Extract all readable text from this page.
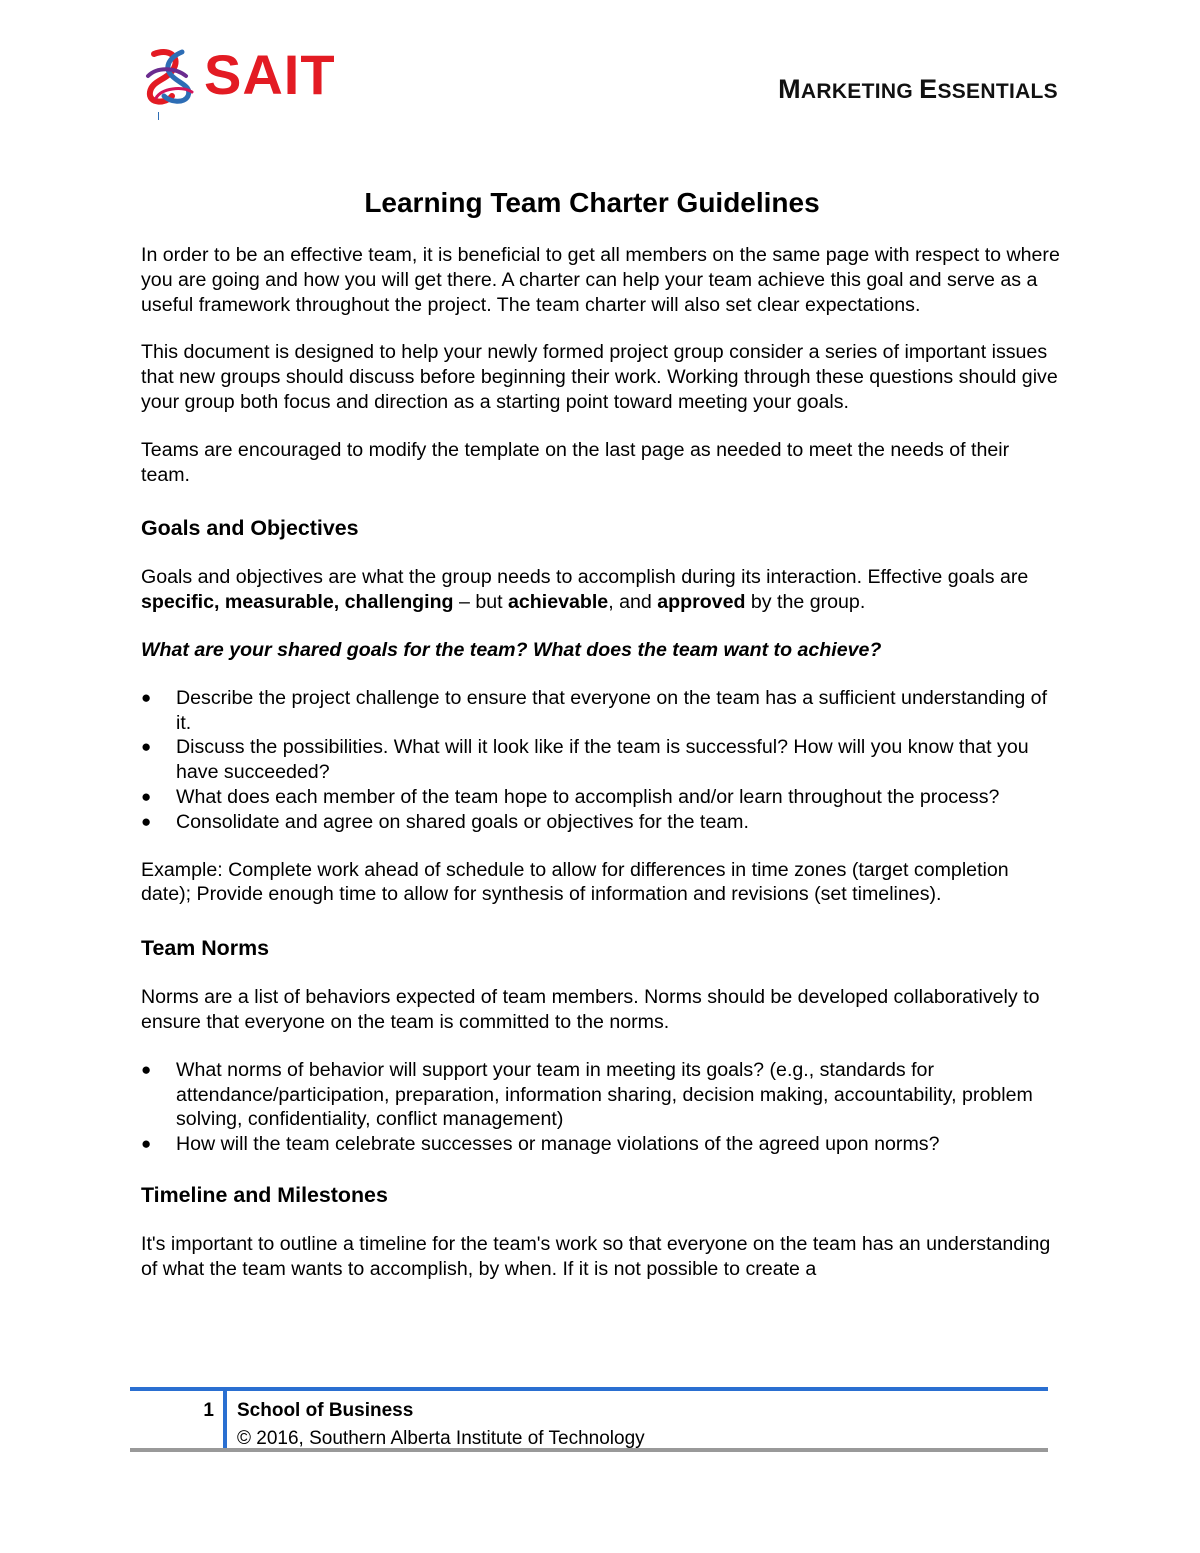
SAIT	MARKETING ESSENTIALS
Learning Team Charter Guidelines

In order to be an effective team, it is beneficial to get all members on the same page with respect to where you are going and how you will get there. A charter can help your team achieve this goal and serve as a useful framework throughout the project. The team charter will also set clear expectations.

This document is designed to help your newly formed project group consider a series of important issues that new groups should discuss before beginning their work. Working through these questions should give your group both focus and direction as a starting point toward meeting your goals.

Teams are encouraged to modify the template on the last page as needed to meet the needs of their team.

Goals and Objectives

Goals and objectives are what the group needs to accomplish during its interaction. Effective goals are specific, measurable, challenging – but achievable, and approved by the group.

What are your shared goals for the team? What does the team want to achieve?

● Describe the project challenge to ensure that everyone on the team has a sufficient understanding of it.
● Discuss the possibilities. What will it look like if the team is successful? How will you know that you have succeeded?
● What does each member of the team hope to accomplish and/or learn throughout the process?
● Consolidate and agree on shared goals or objectives for the team.

Example: Complete work ahead of schedule to allow for differences in time zones (target completion date); Provide enough time to allow for synthesis of information and revisions (set timelines).

Team Norms

Norms are a list of behaviors expected of team members. Norms should be developed collaboratively to ensure that everyone on the team is committed to the norms.

● What norms of behavior will support your team in meeting its goals? (e.g., standards for attendance/participation, preparation, information sharing, decision making, accountability, problem solving, confidentiality, conflict management)
● How will the team celebrate successes or manage violations of the agreed upon norms?
Timeline and Milestones

It's important to outline a timeline for the team's work so that everyone on the team has an understanding of what the team wants to accomplish, by when. If it is not possible to create a

1 School of Business
© 2016, Southern Alberta Institute of Technology
